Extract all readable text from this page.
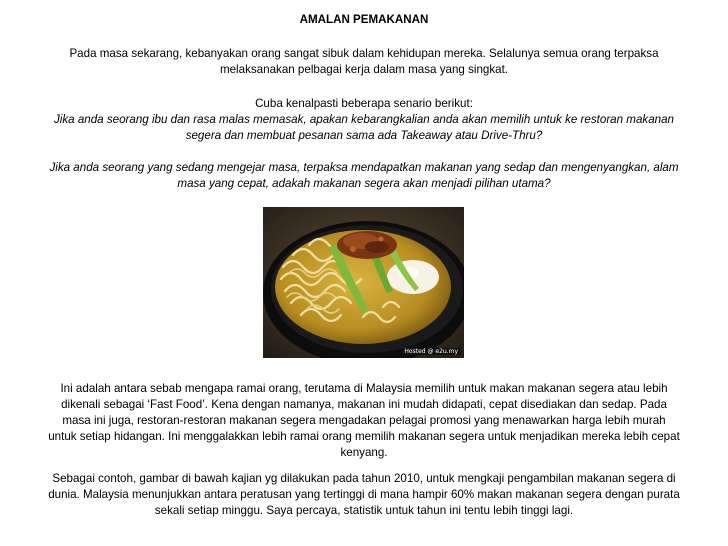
AMALAN PEMAKANAN

Pada masa sekarang, kebanyakan orang sangat sibuk dalam kehidupan mereka. Selalunya semua orang terpaksa melaksanakan pelbagai kerja dalam masa yang singkat.

Cuba kenalpasti beberapa senario berikut:

Jika anda seorang ibu dan rasa malas memasak, apakan kebarangkalian anda akan memilih untuk ke restoran makanan segera dan membuat pesanan sama ada Takeaway atau Drive-Thru?

Jika anda seorang yang sedang mengejar masa, terpaksa mendapatkan makanan yang sedap dan mengenyangkan, alam masa yang cepat, adakah makanan segera akan menjadi pilihan utama?

Hosted @ e2u.my

Ini adalah antara sebab mengapa ramai orang, terutama di Malaysia memilih untuk makan makanan segera atau lebih dikenali sebagai ‘Fast Food’. Kena dengan namanya, makanan ini mudah didapati, cepat disediakan dan sedap. Pada masa ini juga, restoran-restoran makanan segera mengadakan pelagai promosi yang menawarkan harga lebih murah untuk setiap hidangan. Ini menggalakkan lebih ramai orang memilih makanan segera untuk menjadikan mereka lebih cepat kenyang.

Sebagai contoh, gambar di bawah kajian yg dilakukan pada tahun 2010, untuk mengkaji pengambilan makanan segera di dunia. Malaysia menunjukkan antara peratusan yang tertinggi di mana hampir 60% makan makanan segera dengan purata sekali setiap minggu. Saya percaya, statistik untuk tahun ini tentu lebih tinggi lagi.
